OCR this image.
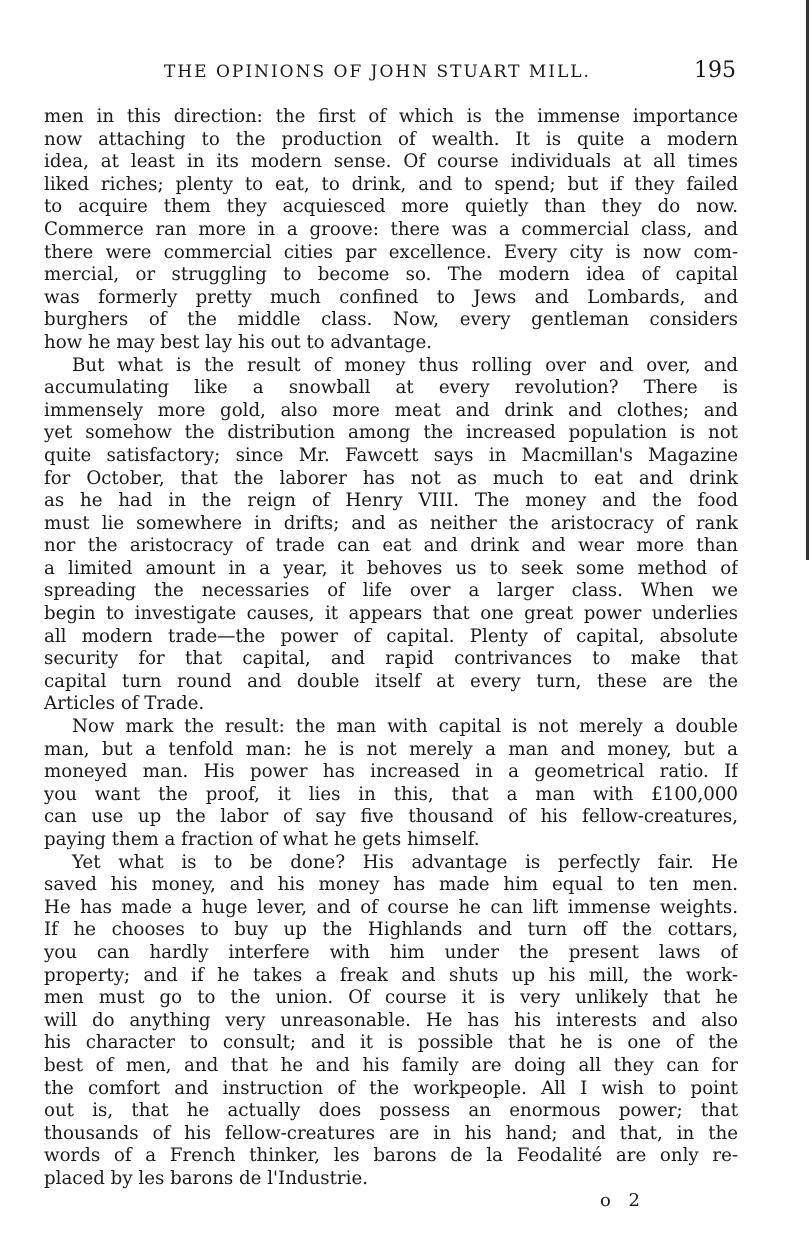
THE OPINIONS OF JOHN STUART MILL.	195
men in this direction: the first of which is the immense importance
now attaching to the production of wealth. It is quite a modern
idea, at least in its modern sense. Of course individuals at all times
liked riches; plenty to eat, to drink, and to spend; but if they failed
to acquire them they acquiesced more quietly than they do now.
Commerce ran more in a groove: there was a commercial class, and
there were commercial cities par excellence. Every city is now com-
mercial, or struggling to become so. The modern idea of capital
was formerly pretty much confined to Jews and Lombards, and
burghers of the middle class. Now, every gentleman considers
how he may best lay his out to advantage.
But what is the result of money thus rolling over and over, and
accumulating like a snowball at every revolution? There is
immensely more gold, also more meat and drink and clothes; and
yet somehow the distribution among the increased population is not
quite satisfactory; since Mr. Fawcett says in Macmillan's Magazine
for October, that the laborer has not as much to eat and drink
as he had in the reign of Henry VIII. The money and the food
must lie somewhere in drifts; and as neither the aristocracy of rank
nor the aristocracy of trade can eat and drink and wear more than
a limited amount in a year, it behoves us to seek some method of
spreading the necessaries of life over a larger class. When we
begin to investigate causes, it appears that one great power underlies
all modern trade—the power of capital. Plenty of capital, absolute
security for that capital, and rapid contrivances to make that
capital turn round and double itself at every turn, these are the
Articles of Trade.
Now mark the result: the man with capital is not merely a double
man, but a tenfold man: he is not merely a man and money, but a
moneyed man. His power has increased in a geometrical ratio. If
you want the proof, it lies in this, that a man with £100,000
can use up the labor of say five thousand of his fellow-creatures,
paying them a fraction of what he gets himself.
Yet what is to be done? His advantage is perfectly fair. He
saved his money, and his money has made him equal to ten men.
He has made a huge lever, and of course he can lift immense weights.
If he chooses to buy up the Highlands and turn off the cottars,
you can hardly interfere with him under the present laws of
property; and if he takes a freak and shuts up his mill, the work-
men must go to the union. Of course it is very unlikely that he
will do anything very unreasonable. He has his interests and also
his character to consult; and it is possible that he is one of the
best of men, and that he and his family are doing all they can for
the comfort and instruction of the workpeople. All I wish to point
out is, that he actually does possess an enormous power; that
thousands of his fellow-creatures are in his hand; and that, in the
words of a French thinker, les barons de la Feodalité are only re-
placed by les barons de l'Industrie.
o 2
